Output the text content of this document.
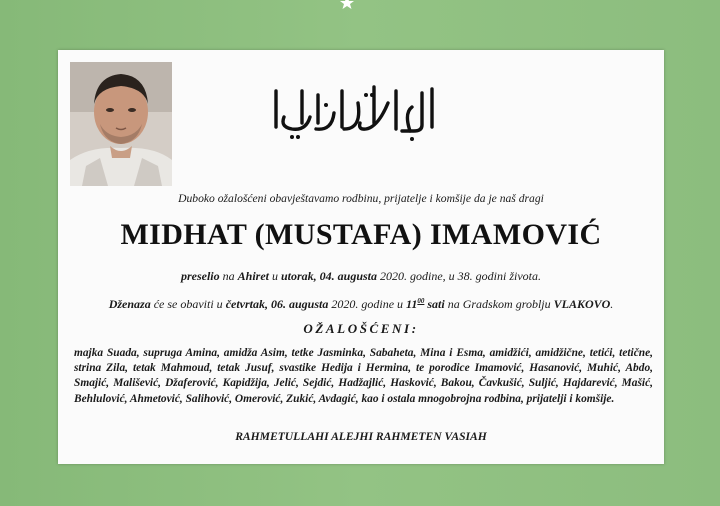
إرتحال دار البقاء
Duboko ožalošćeni obavještavamo rodbinu, prijatelje i komšije da je naš dragi
MIDHAT (MUSTAFA) IMAMOVIĆ
preselio na Ahiret u utorak, 04. augusta 2020. godine, u 38. godini života.
Dženaza će se obaviti u četvrtak, 06. augusta 2020. godine u $11^{00}$ sati na Gradskom groblju VLAKOVO.
OŽALOŠĆENI:
majka Suada, supruga Amina, amidža Asim, tetke Jasminka, Sabaheta, Mina i Esma, amidžići, amidžične, tetići, tetične, strina Zila, tetak Mahmoud, tetak Jusuf, svastike Hedija i Hermina, te porodice Imamović, Hasanović, Muhić, Abdo, Smajić, Mališević, Džaferović, Kapidžija, Jelić, Sejdić, Hadžajlić, Hasković, Bakou, Čavkušić, Suljić, Hajdarević, Mašić, Behlulović, Ahmetović, Salihović, Omerović, Zukić, Avdagić, kao i ostala mnogobrojna rodbina, prijatelji i komšije.
RAHMETULLAHI ALEJHI RAHMETEN VASIAH
